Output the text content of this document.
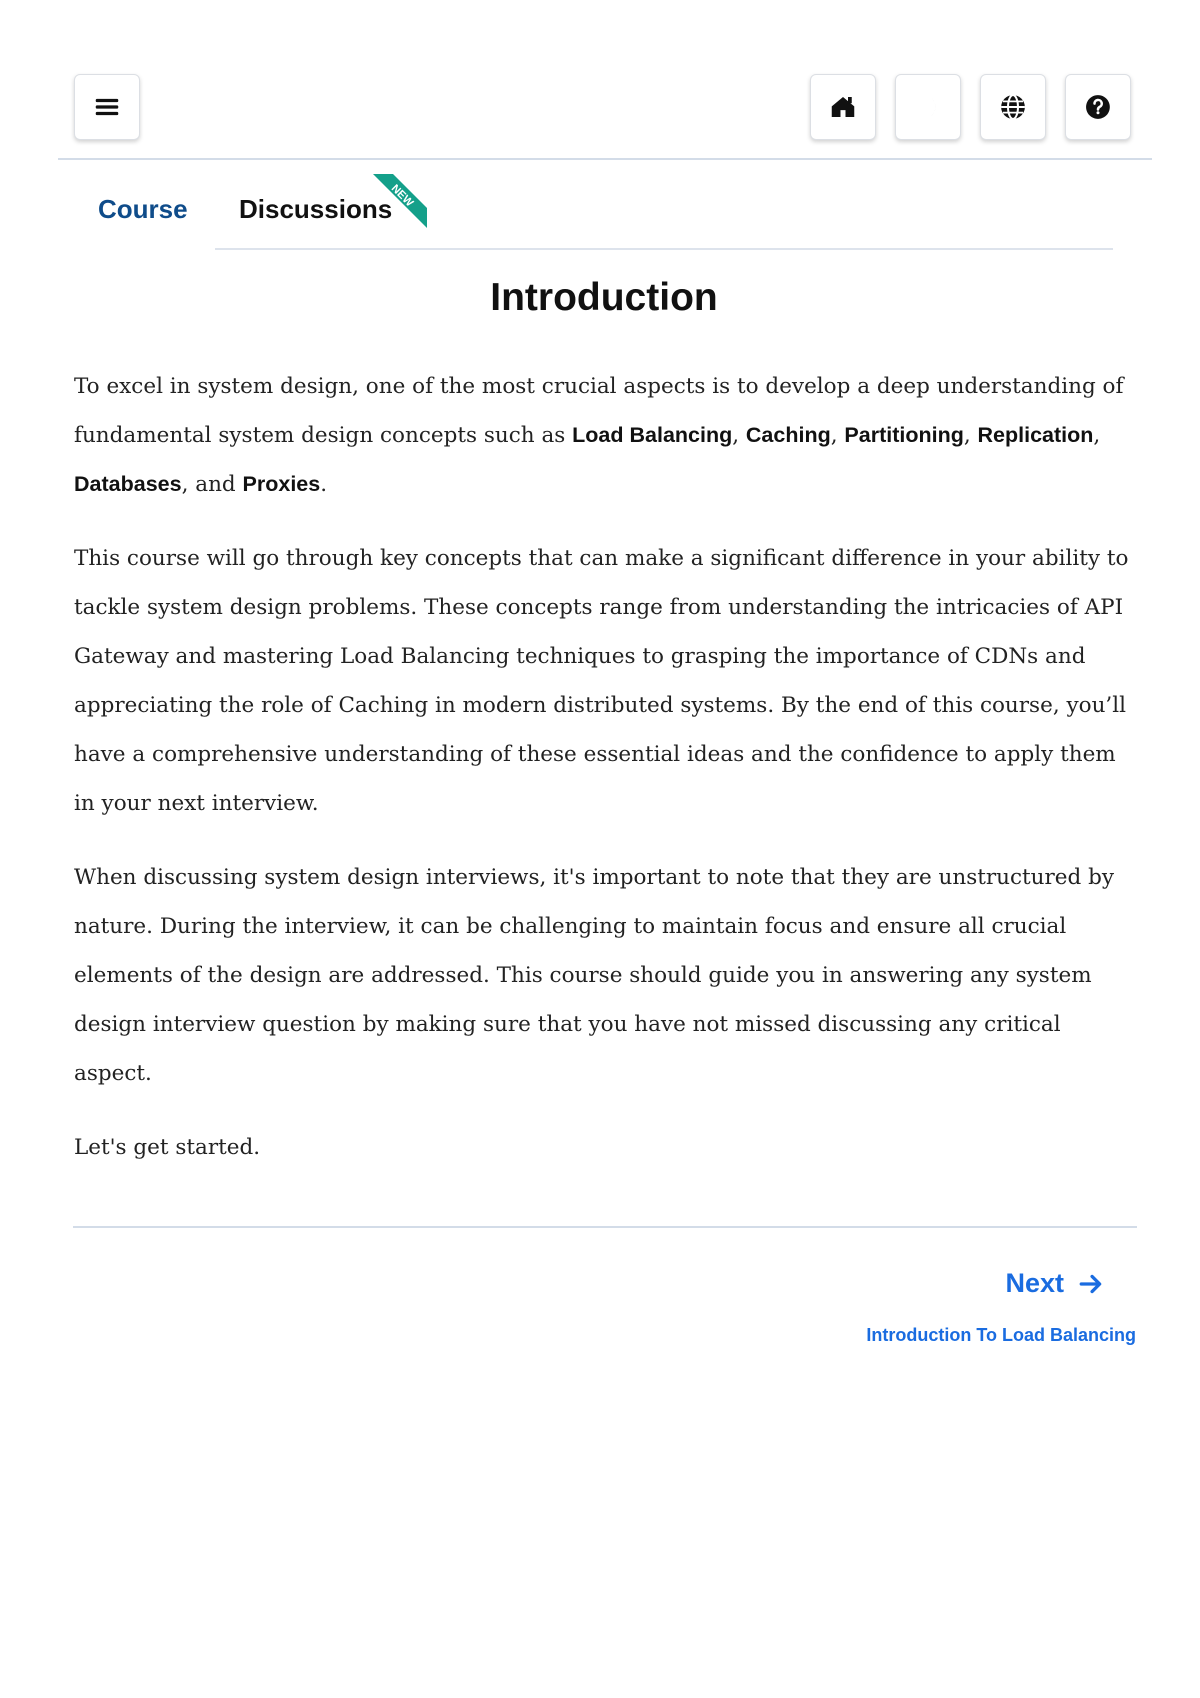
Course Discussions
NEW
Introduction

To excel in system design, one of the most crucial aspects is to develop a deep understanding of fundamental system design concepts such as Load Balancing, Caching, Partitioning, Replication, Databases, and Proxies.

This course will go through key concepts that can make a significant difference in your ability to tackle system design problems. These concepts range from understanding the intricacies of API Gateway and mastering Load Balancing techniques to grasping the importance of CDNs and appreciating the role of Caching in modern distributed systems. By the end of this course, you’ll have a comprehensive understanding of these essential ideas and the confidence to apply them in your next interview.

When discussing system design interviews, it's important to note that they are unstructured by nature. During the interview, it can be challenging to maintain focus and ensure all crucial elements of the design are addressed. This course should guide you in answering any system design interview question by making sure that you have not missed discussing any critical aspect.

Let's get started.

Next
Introduction To Load Balancing
